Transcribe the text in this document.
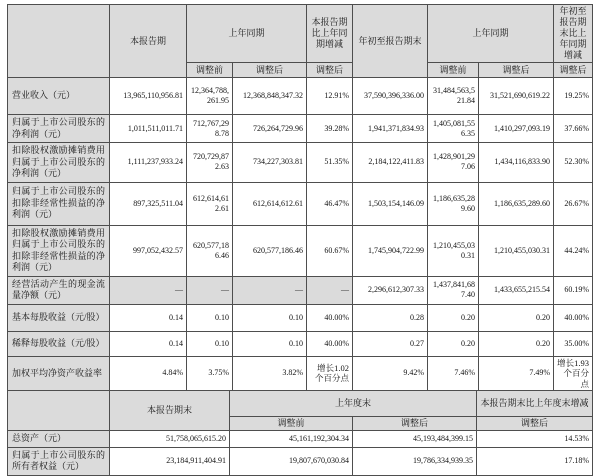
	本报告期	上年同期		本报告期比上年同期增减	年初至报告期末	上年同期		年初至报告期末比上年同期增减
		调整前	调整后	调整后		调整前	调整后	调整后
营业收入（元）	13,965,110,956.81	12,364,788,261.95	12,368,848,347.32	12.91%	37,590,396,336.00	31,484,563,521.84	31,521,690,619.22	19.25%
归属于上市公司股东的净利润（元）	1,011,511,011.71	712,767,298.78	726,264,729.96	39.28%	1,941,371,834.93	1,405,081,556.35	1,410,297,093.19	37.66%
扣除股权激励摊销费用归属于上市公司股东的净利润（元）	1,111,237,933.24	720,729,872.63	734,227,303.81	51.35%	2,184,122,411.83	1,428,901,297.06	1,434,116,833.90	52.30%
归属于上市公司股东的扣除非经常性损益的净利润（元）	897,325,511.04	612,614,612.61	612,614,612.61	46.47%	1,503,154,146.09	1,186,635,289.60	1,186,635,289.60	26.67%
扣除股权激励摊销费用归属于上市公司股东的扣除非经常性损益的净利润（元）	997,052,432.57	620,577,186.46	620,577,186.46	60.67%	1,745,904,722.99	1,210,455,030.31	1,210,455,030.31	44.24%
经营活动产生的现金流量净额（元）	—	—	—	—	2,296,612,307.33	1,437,841,687.40	1,433,655,215.54	60.19%
基本每股收益（元/股）	0.14	0.10	0.10	40.00%	0.28	0.20	0.20	40.00%
稀释每股收益（元/股）	0.14	0.10	0.10	40.00%	0.27	0.20	0.20	35.00%
加权平均净资产收益率	4.84%	3.75%	3.82%	增长1.02个百分点	9.42%	7.46%	7.49%	增长1.93个百分点
	本报告期末	上年度末		本报告期末比上年度末增减
		调整前	调整后	调整后
总资产（元）	51,758,065,615.20	45,161,192,304.34	45,193,484,399.15	14.53%
归属于上市公司股东的所有者权益（元）	23,184,911,404.91	19,807,670,030.84	19,786,334,939.35	17.18%
